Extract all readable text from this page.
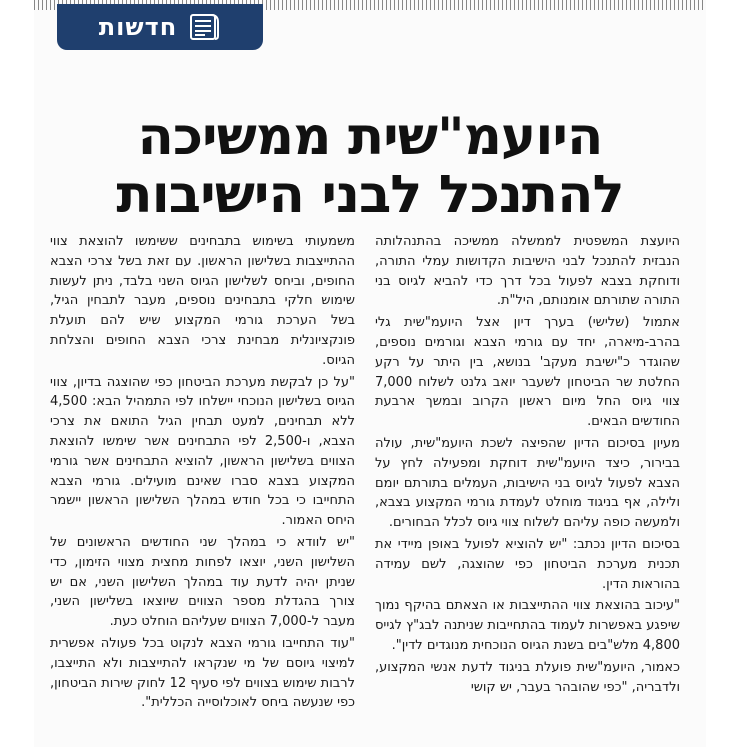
חדשות
היועמ"שית ממשיכה
להתנכל לבני הישיבות

היועצת המשפטית לממשלה ממשיכה בהתנהלותה הנבזית להתנכל לבני הישיבות הקדושות עמלי התורה, ודוחקת בצבא לפעול בכל דרך כדי להביא לגיוס בני התורה שתורתם אומנותם, היל"ת.

אתמול (שלישי) בערך דיון אצל היועמ"שית גלי בהרב-מיארה, יחד עם גורמי הצבא וגורמים נוספים, שהוגדר כ"ישיבת מעקב' בנושא, בין היתר על רקע החלטת שר הביטחון לשעבר יואב גלנט לשלוח 7,000 צווי גיוס החל מיום ראשון הקרוב ובמשך ארבעת החודשים הבאים.

מעיון בסיכום הדיון שהפיצה לשכת היועמ"שית, עולה בבירור, כיצד היועמ"שית דוחקת ומפעילה לחץ על הצבא לפעול לגיוס בני הישיבות, העמלים בתורתם יומם ולילה, אף בניגוד מוחלט לעמדת גורמי המקצוע בצבא, ולמעשה כופה עליהם לשלוח צווי גיוס לכלל הבחורים.

בסיכום הדיון נכתב: "יש להוציא לפועל באופן מיידי את תכנית מערכת הביטחון כפי שהוצגה, לשם עמידה בהוראות הדין.

"עיכוב בהוצאת צווי ההתייצבות או הצאתם בהיקף נמוך שיפגע באפשרות לעמוד בהתחייבות שניתנה לבג"ץ לגייס 4,800 מלש"בים בשנת הגיוס הנוכחית מנוגדים לדין".

כאמור, היועמ"שית פועלת בניגוד לדעת אנשי המקצוע, ולדבריה, "כפי שהובהר בעבר, יש קושי

משמעותי בשימוש בתבחינים ששימשו להוצאת צווי ההתייצבות בשלישון הראשון. עם זאת בשל צרכי הצבא החופים, וביחס לשלישון הגיוס השני בלבד, ניתן לעשות שימוש חלקי בתבחינים נוספים, מעבר לתבחין הגיל, בשל הערכת גורמי המקצוע שיש להם תועלת פונקציונלית מבחינת צרכי הצבא החופים והצלחת הגיוס.

"על כן לבקשת מערכת הביטחון כפי שהוצגה בדיון, צווי הגיוס בשלישון הנוכחי יישלחו לפי התמהיל הבא: 4,500 ללא תבחינים, למעט תבחין הגיל התואם את צרכי הצבא, ו-2,500 לפי התבחינים אשר שימשו להוצאת הצווים בשלישון הראשון, להוציא התבחינים אשר גורמי המקצוע בצבא סברו שאינם מועילים. גורמי הצבא התחייבו כי בכל חודש במהלך השלישון הראשון יישמר היחס האמור.

"יש לוודא כי במהלך שני החודשים הראשונים של השלישון השני, יוצאו לפחות מחצית מצווי הזימון, כדי שניתן יהיה לדעת עוד במהלך השלישון השני, אם יש צורך בהגדלת מספר הצווים שיוצאו בשלישון השני, מעבר ל-7,000 הצווים שעליהם הוחלט כעת.

"עוד התחייבו גורמי הצבא לנקוט בכל פעולה אפשרית למיצוי גיוסם של מי שנקראו להתייצבות ולא התייצבו, לרבות שימוש בצווים לפי סעיף 12 לחוק שירות הביטחון, כפי שנעשה ביחס לאוכלוסייה הכללית".
